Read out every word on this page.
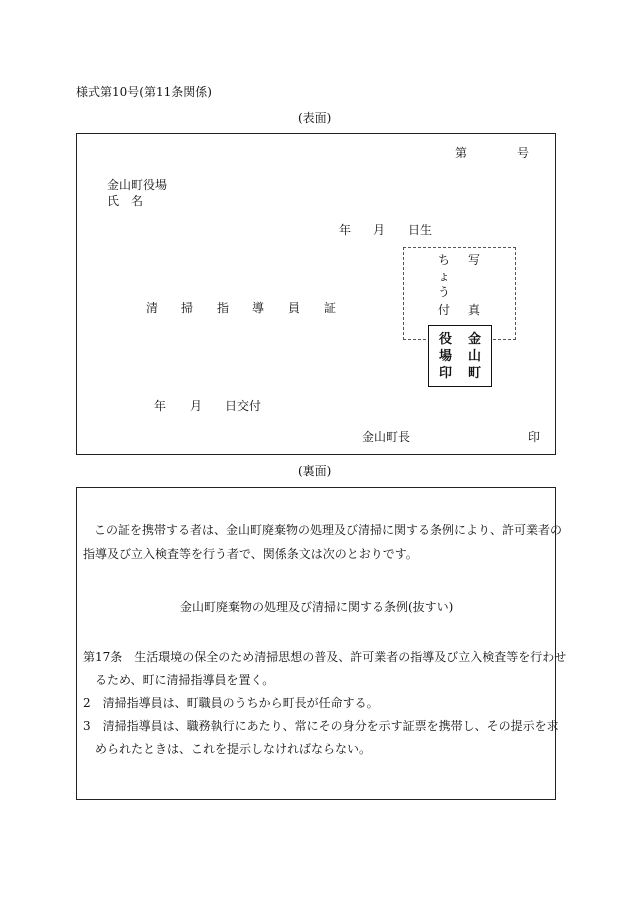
様式第10号(第11条関係)
(表面)
第	号
金山町役場
氏　名
年 月 日生
清 掃 指 導 員 証
ち
ょ
う
付
写
真
役
場
印
金
山
町
年 月 日交付
金山町長	印
(裏面)
この証を携帯する者は、金山町廃棄物の処理及び清掃に関する条例により、許可業者の
指導及び立入検査等を行う者で、関係条文は次のとおりです。
金山町廃棄物の処理及び清掃に関する条例(抜すい)
第17条　生活環境の保全のため清掃思想の普及、許可業者の指導及び立入検査等を行わせ
るため、町に清掃指導員を置く。
2　清掃指導員は、町職員のうちから町長が任命する。
3　清掃指導員は、職務執行にあたり、常にその身分を示す証票を携帯し、その提示を求
められたときは、これを提示しなければならない。
